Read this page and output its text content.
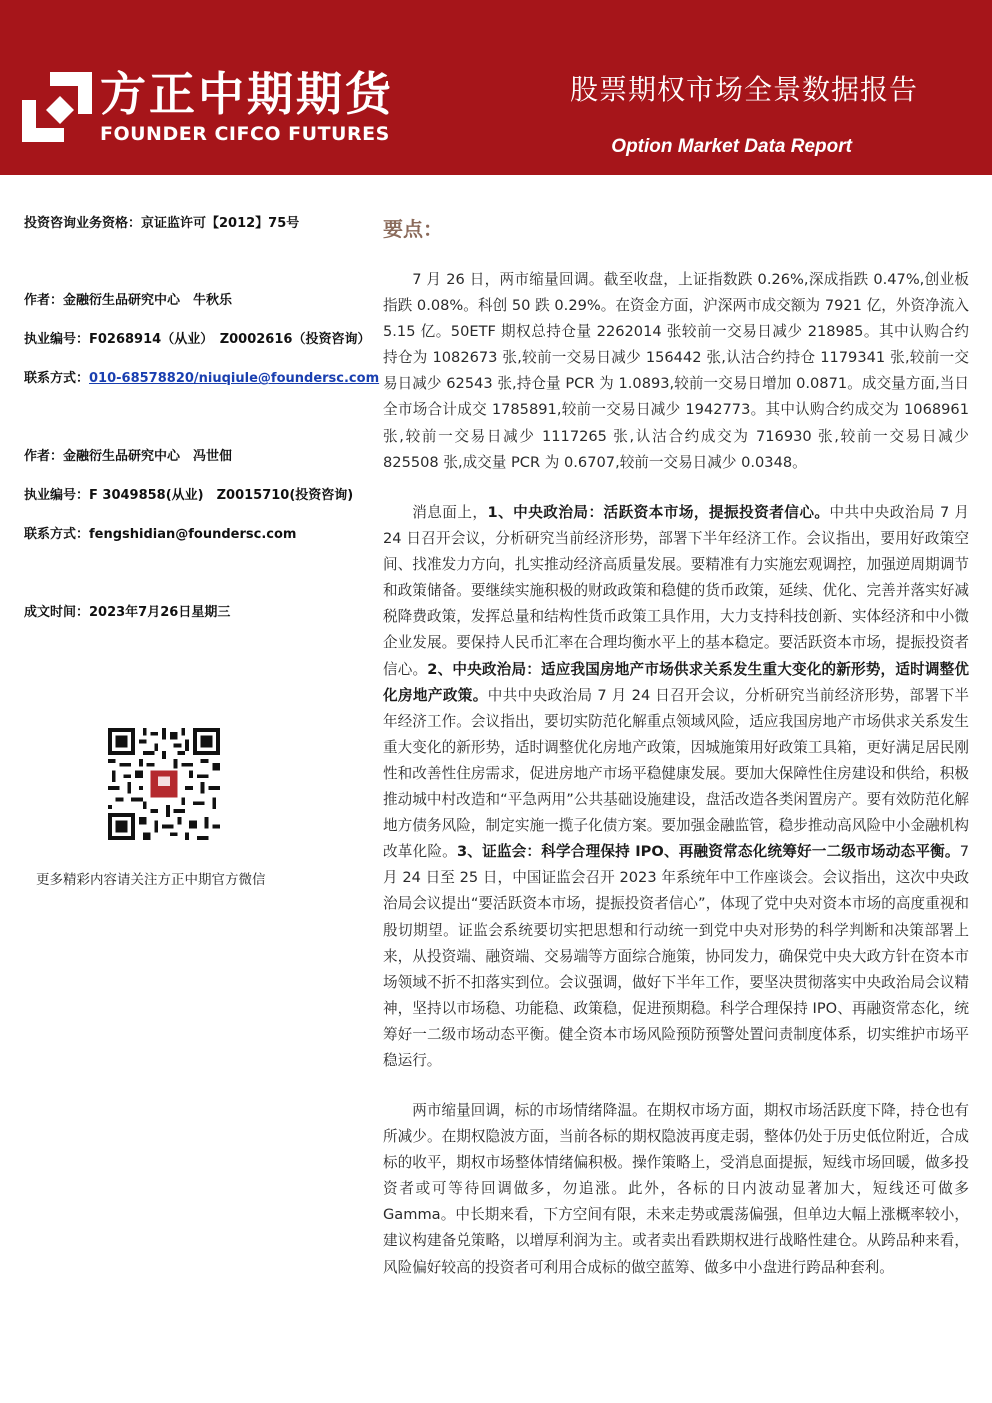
方正中期期货
FOUNDER CIFCO FUTURES
股票期权市场全景数据报告
Option Market Data Report
投资咨询业务资格：京证监许可【2012】75号
作者：金融衍生品研究中心　牛秋乐
执业编号：F0268914（从业）　Z0002616（投资咨询）
联系方式：010-68578820/niuqiule@foundersc.com
作者：金融衍生品研究中心　冯世佃
执业编号：F 3049858(从业)　Z0015710(投资咨询)
联系方式：fengshidian@foundersc.com
成文时间：2023年7月26日星期三
更多精彩内容请关注方正中期官方微信
要点：

7 月 26 日，两市缩量回调。截至收盘，上证指数跌 0.26%,深成指跌 0.47%,创业板指跌 0.08%。科创 50 跌 0.29%。在资金方面，沪深两市成交额为 7921 亿，外资净流入 5.15 亿。50ETF 期权总持仓量 2262014 张较前一交易日减少 218985。其中认购合约持仓为 1082673 张,较前一交易日减少 156442 张,认沽合约持仓 1179341 张,较前一交易日减少 62543 张,持仓量 PCR 为 1.0893,较前一交易日增加 0.0871。成交量方面,当日全市场合计成交 1785891,较前一交易日减少 1942773。其中认购合约成交为 1068961 张,较前一交易日减少 1117265 张,认沽合约成交为 716930 张,较前一交易日减少 825508 张,成交量 PCR 为 0.6707,较前一交易日减少 0.0348。

消息面上，1、中央政治局：活跃资本市场，提振投资者信心。中共中央政治局 7 月 24 日召开会议，分析研究当前经济形势，部署下半年经济工作。会议指出，要用好政策空间、找准发力方向，扎实推动经济高质量发展。要精准有力实施宏观调控，加强逆周期调节和政策储备。要继续实施积极的财政政策和稳健的货币政策，延续、优化、完善并落实好减税降费政策，发挥总量和结构性货币政策工具作用，大力支持科技创新、实体经济和中小微企业发展。要保持人民币汇率在合理均衡水平上的基本稳定。要活跃资本市场，提振投资者信心。2、中央政治局：适应我国房地产市场供求关系发生重大变化的新形势，适时调整优化房地产政策。中共中央政治局 7 月 24 日召开会议，分析研究当前经济形势，部署下半年经济工作。会议指出，要切实防范化解重点领域风险，适应我国房地产市场供求关系发生重大变化的新形势，适时调整优化房地产政策，因城施策用好政策工具箱，更好满足居民刚性和改善性住房需求，促进房地产市场平稳健康发展。要加大保障性住房建设和供给，积极推动城中村改造和“平急两用”公共基础设施建设，盘活改造各类闲置房产。要有效防范化解地方债务风险，制定实施一揽子化债方案。要加强金融监管，稳步推动高风险中小金融机构改革化险。3、证监会：科学合理保持 IPO、再融资常态化统筹好一二级市场动态平衡。7 月 24 日至 25 日，中国证监会召开 2023 年系统年中工作座谈会。会议指出，这次中央政治局会议提出“要活跃资本市场，提振投资者信心”，体现了党中央对资本市场的高度重视和殷切期望。证监会系统要切实把思想和行动统一到党中央对形势的科学判断和决策部署上来，从投资端、融资端、交易端等方面综合施策，协同发力，确保党中央大政方针在资本市场领域不折不扣落实到位。会议强调，做好下半年工作，要坚决贯彻落实中央政治局会议精神，坚持以市场稳、功能稳、政策稳，促进预期稳。科学合理保持 IPO、再融资常态化，统筹好一二级市场动态平衡。健全资本市场风险预防预警处置问责制度体系，切实维护市场平稳运行。

两市缩量回调，标的市场情绪降温。在期权市场方面，期权市场活跃度下降，持仓也有所减少。在期权隐波方面，当前各标的期权隐波再度走弱，整体仍处于历史低位附近，合成标的收平，期权市场整体情绪偏积极。操作策略上，受消息面提振，短线市场回暖，做多投资者或可等待回调做多，勿追涨。此外，各标的日内波动显著加大，短线还可做多 Gamma。中长期来看，下方空间有限，未来走势或震荡偏强，但单边大幅上涨概率较小，建议构建备兑策略，以增厚利润为主。或者卖出看跌期权进行战略性建仓。从跨品种来看，风险偏好较高的投资者可利用合成标的做空蓝筹、做多中小盘进行跨品种套利。
